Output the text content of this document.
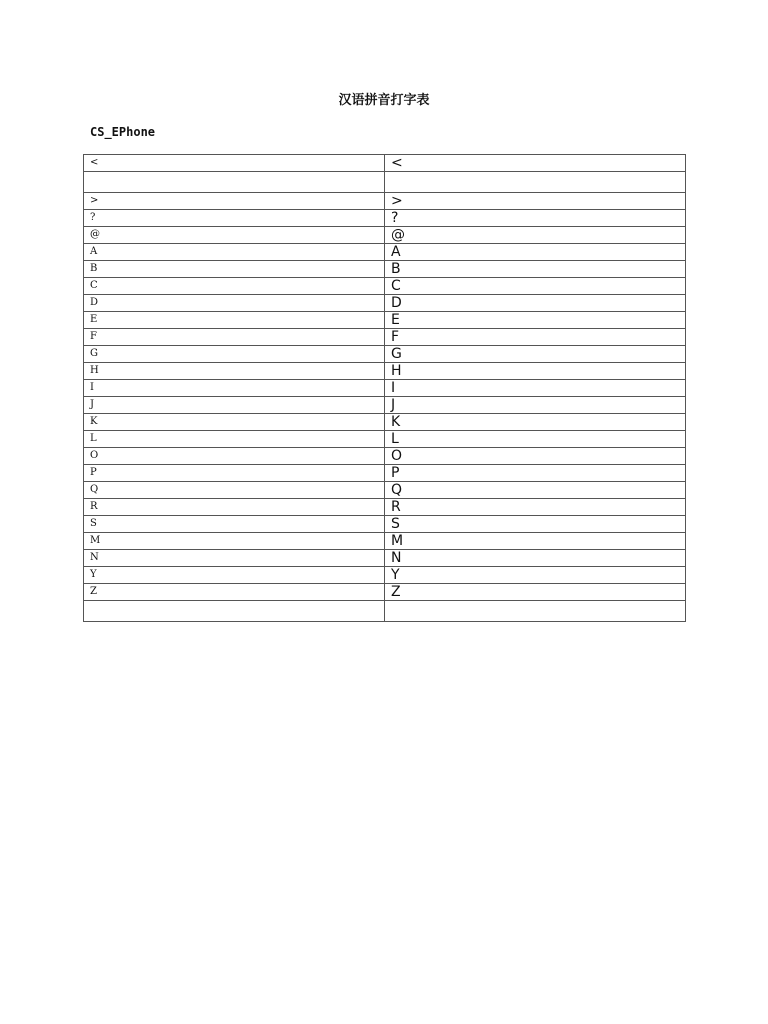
汉语拼音打字表

CS_EPhone

<	<

>	>
?	?
@	@
A	A
B	B
C	C
D	D
E	E
F	F
G	G
H	H
I	I
J	J
K	K
L	L
O	O
P	P
Q	Q
R	R
S	S
M	M
N	N
Y	Y
Z	Z
